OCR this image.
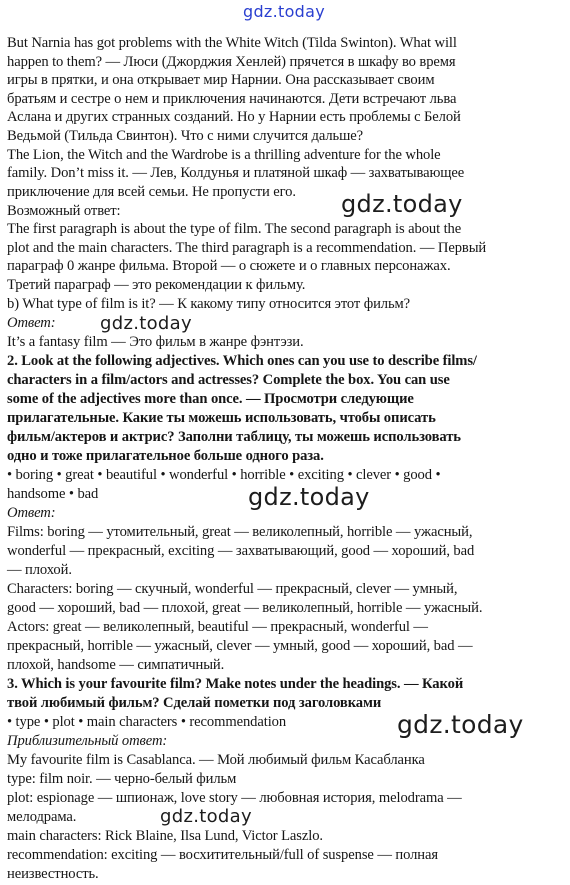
But Narnia has got problems with the White Witch (Tilda Swinton). What will
happen to them? — Люси (Джорджия Хенлей) прячется в шкафу во время
игры в прятки, и она открывает мир Нарнии. Она рассказывает своим
братьям и сестре о нем и приключения начинаются. Дети встречают льва
Аслана и других странных созданий. Но у Нарнии есть проблемы с Белой
Ведьмой (Тильда Свинтон). Что с ними случится дальше?
The Lion, the Witch and the Wardrobe is a thrilling adventure for the whole
family. Don’t miss it. — Лев, Колдунья и платяной шкаф — захватывающее
приключение для всей семьи. Не пропусти его.
Возможный ответ:
The first paragraph is about the type of film. The second paragraph is about the
plot and the main characters. The third paragraph is a recommendation. — Первый
параграф 0 жанре фильма. Второй — о сюжете и о главных персонажах.
Третий параграф — это рекомендации к фильму.
b) What type of film is it? — К какому типу относится этот фильм?
Ответ:
It’s a fantasy film — Это фильм в жанре фэнтэзи.
2. Look at the following adjectives. Which ones can you use to describe films/
characters in a film/actors and actresses? Complete the box. You can use
some of the adjectives more than once. — Просмотри следующие
прилагательные. Какие ты можешь использовать, чтобы описать
фильм/актеров и актрис? Заполни таблицу, ты можешь использовать
одно и тоже прилагательное больше одного раза.
• boring • great • beautiful • wonderful • horrible • exciting • clever • good •
handsome • bad
Ответ:
Films: boring — утомительный, great — великолепный, horrible — ужасный,
wonderful — прекрасный, exciting — захватывающий, good — хороший, bad
— плохой.
Characters: boring — скучный, wonderful — прекрасный, clever — умный,
good — хороший, bad — плохой, great — великолепный, horrible — ужасный.
Actors: great — великолепный, beautiful — прекрасный, wonderful —
прекрасный, horrible — ужасный, clever — умный, good — хороший, bad —
плохой, handsome — симпатичный.
3. Which is your favourite film? Make notes under the headings. — Какой
твой любимый фильм? Сделай пометки под заголовками
• type • plot • main characters • recommendation
Приблизительный ответ:
My favourite film is Casablanca. — Мой любимый фильм Касабланка
type: film noir. — черно-белый фильм
plot: espionage — шпионаж, love story — любовная история, melodrama —
мелодрама.
main characters: Rick Blaine, Ilsa Lund, Victor Laszlo.
recommendation: exciting — восхитительный/full of suspense — полная
неизвестность.
gdz.today
gdz.today
gdz.today
gdz.today
gdz.today
gdz.today
